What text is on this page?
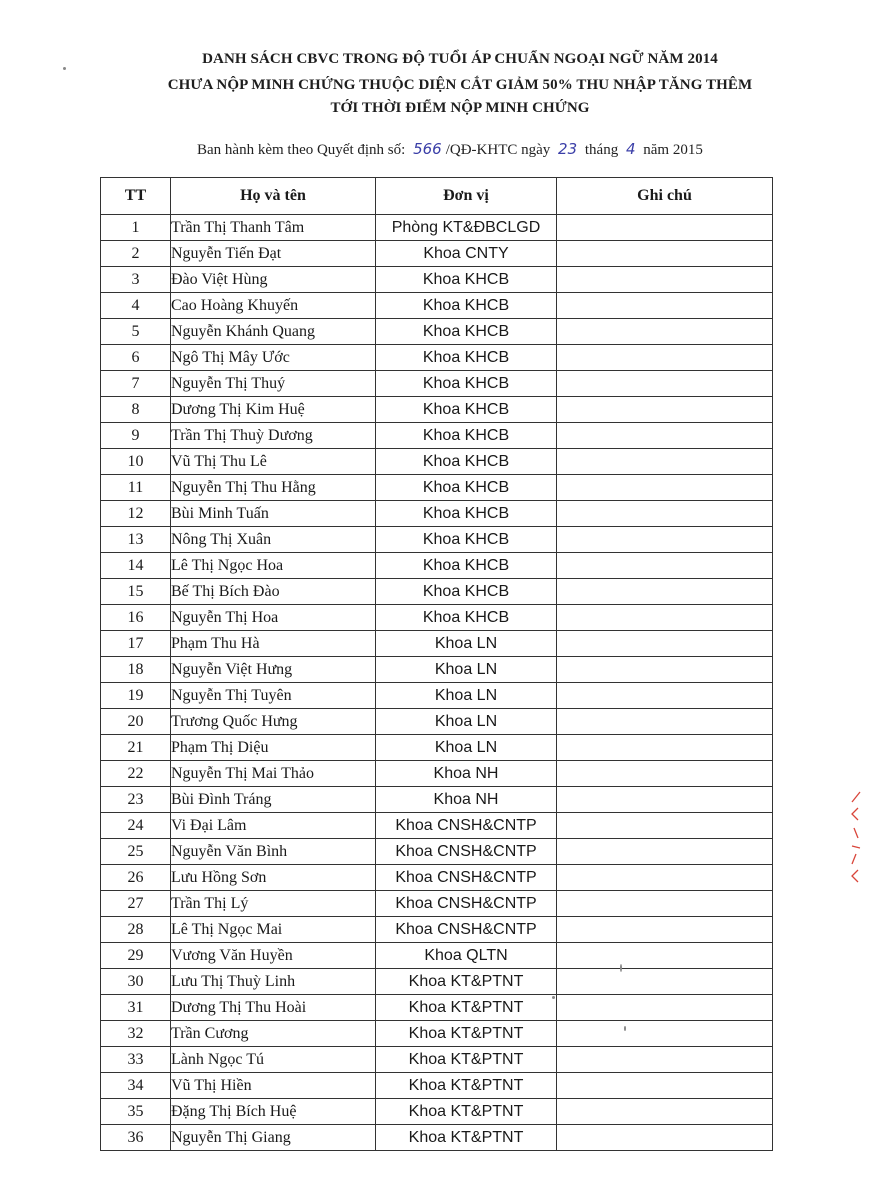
DANH SÁCH CBVC TRONG ĐỘ TUỔI ÁP CHUẨN NGOẠI NGỮ NĂM 2014
CHƯA NỘP MINH CHỨNG THUỘC DIỆN CẮT GIẢM 50% THU NHẬP TĂNG THÊM
TỚI THỜI ĐIỂM NỘP MINH CHỨNG
Ban hành kèm theo Quyết định số: 566 /QĐ-KHTC ngày 23 tháng 4 năm 2015
TT	Họ và tên	Đơn vị	Ghi chú
1	Trần Thị Thanh Tâm	Phòng KT&ĐBCLGD	
2	Nguyễn Tiến Đạt	Khoa CNTY	
3	Đào Việt Hùng	Khoa KHCB	
4	Cao Hoàng Khuyến	Khoa KHCB	
5	Nguyễn Khánh Quang	Khoa KHCB	
6	Ngô Thị Mây Ước	Khoa KHCB	
7	Nguyễn Thị Thuý	Khoa KHCB	
8	Dương Thị Kim Huệ	Khoa KHCB	
9	Trần Thị Thuỳ Dương	Khoa KHCB	
10	Vũ Thị Thu Lê	Khoa KHCB	
11	Nguyễn Thị Thu Hằng	Khoa KHCB	
12	Bùi Minh Tuấn	Khoa KHCB	
13	Nông Thị Xuân	Khoa KHCB	
14	Lê Thị Ngọc Hoa	Khoa KHCB	
15	Bế Thị Bích Đào	Khoa KHCB	
16	Nguyễn Thị Hoa	Khoa KHCB	
17	Phạm Thu Hà	Khoa LN	
18	Nguyễn Việt Hưng	Khoa LN	
19	Nguyễn Thị Tuyên	Khoa LN	
20	Trương Quốc Hưng	Khoa LN	
21	Phạm Thị Diệu	Khoa LN	
22	Nguyễn Thị Mai Thảo	Khoa NH	
23	Bùi Đình Tráng	Khoa NH	
24	Vi Đại Lâm	Khoa CNSH&CNTP	
25	Nguyễn Văn Bình	Khoa CNSH&CNTP	
26	Lưu Hồng Sơn	Khoa CNSH&CNTP	
27	Trần Thị Lý	Khoa CNSH&CNTP	
28	Lê Thị Ngọc Mai	Khoa CNSH&CNTP	
29	Vương Văn Huyền	Khoa QLTN	
30	Lưu Thị Thuỳ Linh	Khoa KT&PTNT	
31	Dương Thị Thu Hoài	Khoa KT&PTNT	
32	Trần Cương	Khoa KT&PTNT	
33	Lành Ngọc Tú	Khoa KT&PTNT	
34	Vũ Thị Hiền	Khoa KT&PTNT	
35	Đặng Thị Bích Huệ	Khoa KT&PTNT	
36	Nguyễn Thị Giang	Khoa KT&PTNT	
